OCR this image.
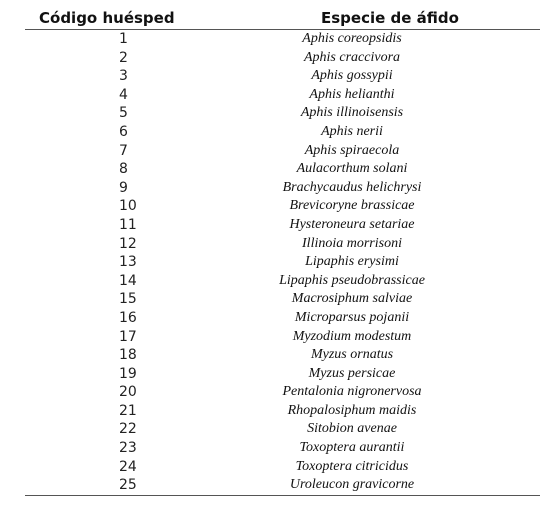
Código huésped	Especie de áfido
1	Aphis coreopsidis

2	Aphis craccivora

3	Aphis gossypii

4	Aphis helianthi

5	Aphis illinoisensis

6	Aphis nerii

7	Aphis spiraecola

8	Aulacorthum solani

9	Brachycaudus helichrysi

10	Brevicoryne brassicae

11	Hysteroneura setariae

12	Illinoia morrisoni

13	Lipaphis erysimi

14	Lipaphis pseudobrassicae

15	Macrosiphum salviae

16	Microparsus pojanii

17	Myzodium modestum

18	Myzus ornatus

19	Myzus persicae

20	Pentalonia nigronervosa

21	Rhopalosiphum maidis

22	Sitobion avenae

23	Toxoptera aurantii

24	Toxoptera citricidus

25	Uroleucon gravicorne
